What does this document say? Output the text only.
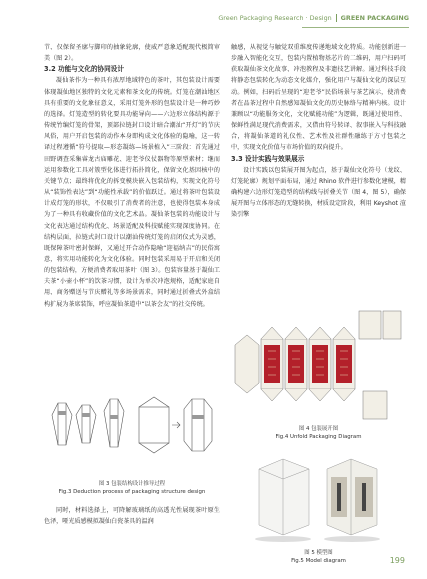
Green Packaging Research · Design GREEN PACKAGING

节、仅保留圣廓与脚印的抽象轮廓，使威严意象适配现代极简审美（图 2）。

3.2 功能与文化的协同设计

凝仙茶作为一种具有浓厚地域特色的茶叶，其包装设计需要体现凝仙地区独特的文化元素和茶文化的传统。灯笼在潮汕地区具有重要的文化象征意义，采用灯笼外形的包装设计是一种巧妙的选择。灯笼造型的转化要具功能导向——六边形立体结构源于传统竹编灯笼的骨架，顶部拉链封口设计暗合潮汕“开灯”的节庆风俗，用户开启包装的动作本身即构成文化体验的隐喻，这一转译过程遵循“符号提取—形态凝练—场景植入”三阶段：首先通过田野调查采集睿龙古庙雕花、迎老爷仪仗器物等原型素材；继而运用参数化工具对簇型化体进行拓扑简化，保留文化基因核中的关键节点；最终将优化的拆变模块嵌入包装结构，实现文化符号从“装饰性表达”到“功能性承载”的价值跃迁。通过将茶叶包装设计成灯笼的形状，不仅吸引了消费者的注意，也使得包装本身成为了一种具有收藏价值的文化艺术品。凝仙茶包装的功能设计与文化表达通过结构优化、场景适配及科技赋能实现深度协同。在结构层面，拉链式封口设计以潮汕传统灯笼的启闭仪式为灵感，既保障茶叶密封保鲜，又通过开合动作隐喻“迎福纳吉”的民俗寓意，将实用功能转化为文化体验。同时包装采用易于开启和关闭的包装结构，方便消费者取用茶叶（图 3）。包装容量基于凝仙工夫茶“小壶小杯”的饮茶习惯，设计为单次冲泡规格，适配家庭自用、商务赠送与节庆赠礼等多场景需求，同时通过折叠式外盒结构扩展为茶席装饰，呼应凝仙茶道中“以茶会友”的社交传统。

图 3 包装结构设计推导过程
Fig.3 Deduction process of packaging structure design

同时，材料选择上，可降解玻璃纸的高透光性展现茶叶原生色泽，哑光质感模拟凝仙白瓷茶具的温润

触感，从视觉与触觉双重维度传递地域文化特质。功能创新进一步融入智能化交互，包装内置植物基芯片的二维码，用户扫码可获取凝仙茶文化故事、冲泡教程及非遗技艺讲解。通过科技手段将静态包装转化为动态文化媒介，强化用户与凝仙文化的深层互动。例如，扫码后呈现的“迎老爷”民俗场景与茶艺演示，使消费者在品茶过程中自然感知凝仙文化的历史脉络与精神内核。设计兼顾以“功能服务文化，文化赋能功能”为逻辑，既通过使用性、保鲜性满足现代消费需求，又借由符号转译、叙事嵌入与科技融合，将凝仙茶道的礼仪性、艺术性及社群性融练于方寸包装之中，实现文化价值与市场价值的双向提升。

3.3 设计实践与效果展示

设计实践以包装展开图为起点，基于凝仙文化符号（龙纹、灯笼轮廓）规划平面布局，通过 Rhino 软件进行参数化建模，精确构建六边形灯笼造型的结构线与折叠关节（图 4，图 5），确保展开图与立体形态的无缝转换，材质设定阶段，利用 Keyshot 渲染引擎

图 4 包装展开图
Fig.4 Unfold Packaging Diagram
图 5 模型图
Fig.5 Model diagram	199
